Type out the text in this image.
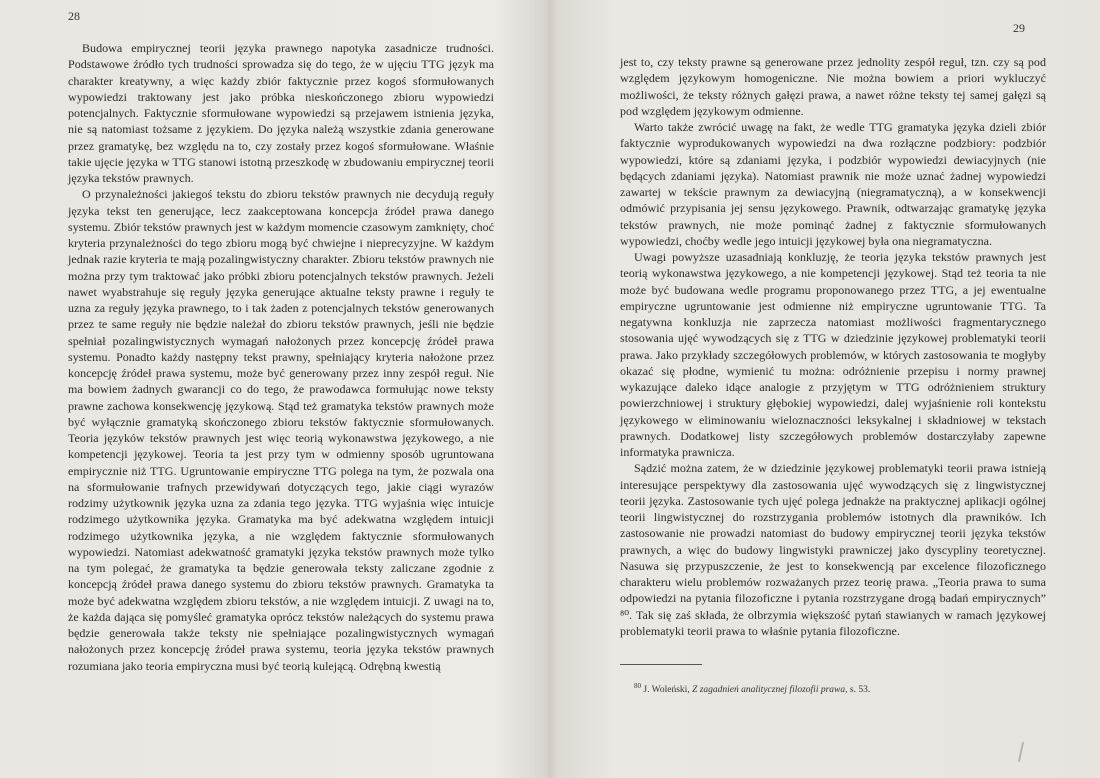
28

Budowa empirycznej teorii języka prawnego napotyka zasadnicze trudności. Podstawowe źródło tych trudności sprowadza się do tego, że w ujęciu TTG język ma charakter kreatywny, a więc każdy zbiór faktycznie przez kogoś sformułowanych wypowiedzi traktowany jest jako próbka nieskończonego zbioru wypowiedzi potencjalnych. Faktycznie sformułowane wypowiedzi są przejawem istnienia języka, nie są natomiast tożsame z językiem. Do języka należą wszystkie zdania generowane przez gramatykę, bez względu na to, czy zostały przez kogoś sformułowane. Właśnie takie ujęcie języka w TTG stanowi istotną przeszkodę w zbudowaniu empirycznej teorii języka tekstów prawnych.

O przynależności jakiegoś tekstu do zbioru tekstów prawnych nie decydują reguły języka tekst ten generujące, lecz zaakceptowana koncepcja źródeł prawa danego systemu. Zbiór tekstów prawnych jest w każdym momencie czasowym zamknięty, choć kryteria przynależności do tego zbioru mogą być chwiejne i nieprecyzyjne. W każdym jednak razie kryteria te mają pozalingwistyczny charakter. Zbioru tekstów prawnych nie można przy tym traktować jako próbki zbioru potencjalnych tekstów prawnych. Jeżeli nawet wyabstrahuje się reguły języka generujące aktualne teksty prawne i reguły te uzna za reguły języka prawnego, to i tak żaden z potencjalnych tekstów generowanych przez te same reguły nie będzie należał do zbioru tekstów prawnych, jeśli nie będzie spełniał pozalingwistycznych wymagań nałożonych przez koncepcję źródeł prawa systemu. Ponadto każdy następny tekst prawny, spełniający kryteria nałożone przez koncepcję źródeł prawa systemu, może być generowany przez inny zespół reguł. Nie ma bowiem żadnych gwarancji co do tego, że prawodawca formułując nowe teksty prawne zachowa konsekwencję językową. Stąd też gramatyka tekstów prawnych może być wyłącznie gramatyką skończonego zbioru tekstów faktycznie sformułowanych. Teoria języków tekstów prawnych jest więc teorią wykonawstwa językowego, a nie kompetencji językowej. Teoria ta jest przy tym w odmienny sposób ugruntowana empirycznie niż TTG. Ugruntowanie empiryczne TTG polega na tym, że pozwala ona na sformułowanie trafnych przewidywań dotyczących tego, jakie ciągi wyrazów rodzimy użytkownik języka uzna za zdania tego języka. TTG wyjaśnia więc intuicje rodzimego użytkownika języka. Gramatyka ma być adekwatna względem intuicji rodzimego użytkownika języka, a nie względem faktycznie sformułowanych wypowiedzi. Natomiast adekwatność gramatyki języka tekstów prawnych może tylko na tym polegać, że gramatyka ta będzie generowała teksty zaliczane zgodnie z koncepcją źródeł prawa danego systemu do zbioru tekstów prawnych. Gramatyka ta może być adekwatna względem zbioru tekstów, a nie względem intuicji. Z uwagi na to, że każda dająca się pomyśleć gramatyka oprócz tekstów należących do systemu prawa będzie generowała także teksty nie spełniające pozalingwistycznych wymagań nałożonych przez koncepcję źródeł prawa systemu, teoria języka tekstów prawnych rozumiana jako teoria empiryczna musi być teorią kulejącą. Odrębną kwestią

29

jest to, czy teksty prawne są generowane przez jednolity zespół reguł, tzn. czy są pod względem językowym homogeniczne. Nie można bowiem a priori wykluczyć możliwości, że teksty różnych gałęzi prawa, a nawet różne teksty tej samej gałęzi są pod względem językowym odmienne.

Warto także zwrócić uwagę na fakt, że wedle TTG gramatyka języka dzieli zbiór faktycznie wyprodukowanych wypowiedzi na dwa rozłączne podzbiory: podzbiór wypowiedzi, które są zdaniami języka, i podzbiór wypowiedzi dewiacyjnych (nie będących zdaniami języka). Natomiast prawnik nie może uznać żadnej wypowiedzi zawartej w tekście prawnym za dewiacyjną (niegramatyczną), a w konsekwencji odmówić przypisania jej sensu językowego. Prawnik, odtwarzając gramatykę języka tekstów prawnych, nie może pominąć żadnej z faktycznie sformułowanych wypowiedzi, choćby wedle jego intuicji językowej była ona niegramatyczna.

Uwagi powyższe uzasadniają konkluzję, że teoria języka tekstów prawnych jest teorią wykonawstwa językowego, a nie kompetencji językowej. Stąd też teoria ta nie może być budowana wedle programu proponowanego przez TTG, a jej ewentualne empiryczne ugruntowanie jest odmienne niż empiryczne ugruntowanie TTG. Ta negatywna konkluzja nie zaprzecza natomiast możliwości fragmentarycznego stosowania ujęć wywodzących się z TTG w dziedzinie językowej problematyki teorii prawa. Jako przykłady szczegółowych problemów, w których zastosowania te mogłyby okazać się płodne, wymienić tu można: odróżnienie przepisu i normy prawnej wykazujące daleko idące analogie z przyjętym w TTG odróżnieniem struktury powierzchniowej i struktury głębokiej wypowiedzi, dalej wyjaśnienie roli kontekstu językowego w eliminowaniu wieloznaczności leksykalnej i składniowej w tekstach prawnych. Dodatkowej listy szczegółowych problemów dostarczyłaby zapewne informatyka prawnicza.

Sądzić można zatem, że w dziedzinie językowej problematyki teorii prawa istnieją interesujące perspektywy dla zastosowania ujęć wywodzących się z lingwistycznej teorii języka. Zastosowanie tych ujęć polega jednakże na praktycznej aplikacji ogólnej teorii lingwistycznej do rozstrzygania problemów istotnych dla prawników. Ich zastosowanie nie prowadzi natomiast do budowy empirycznej teorii języka tekstów prawnych, a więc do budowy lingwistyki prawniczej jako dyscypliny teoretycznej. Nasuwa się przypuszczenie, że jest to konsekwencją par excelence filozoficznego charakteru wielu problemów rozważanych przez teorię prawa. „Teoria prawa to suma odpowiedzi na pytania filozoficzne i pytania rozstrzygane drogą badań empirycznych” ⁸⁰. Tak się zaś składa, że olbrzymia większość pytań stawianych w ramach językowej problematyki teorii prawa to właśnie pytania filozoficzne.

$^{80}$ J. Woleński, Z zagadnień analitycznej filozofii prawa, s. 53.
